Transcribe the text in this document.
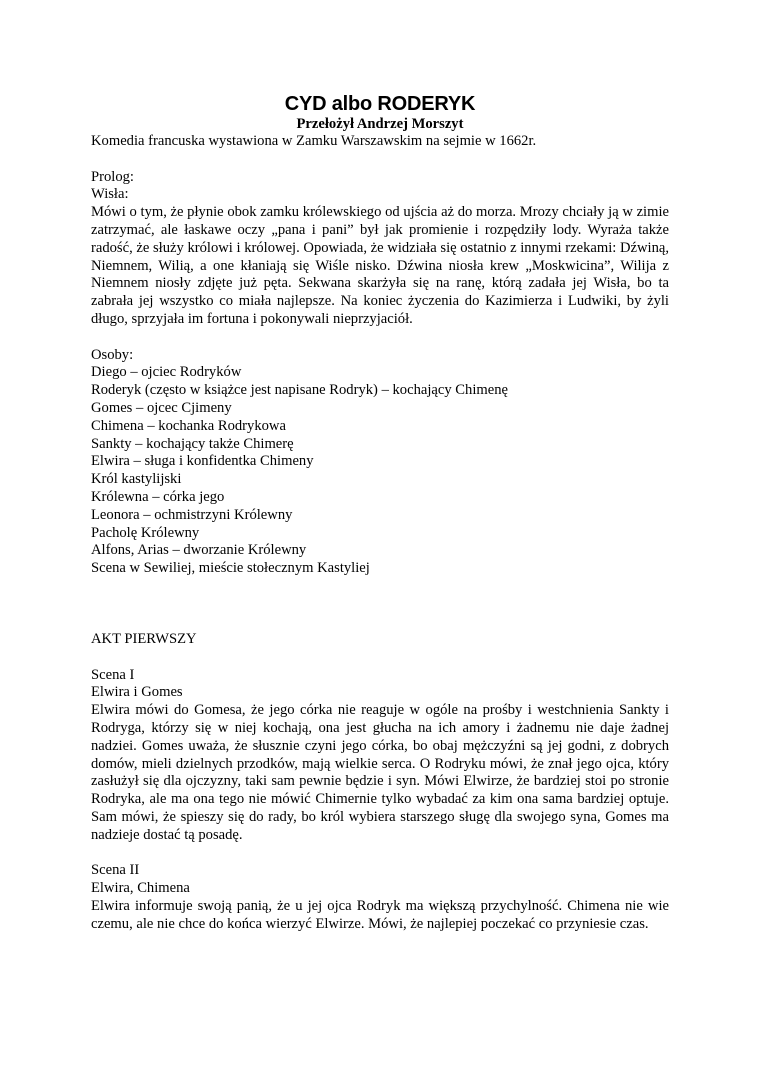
CYD albo RODERYK
Przełożył Andrzej Morszyt
Komedia francuska wystawiona w Zamku Warszawskim na sejmie w 1662r.
Prolog:
Wisła:

Mówi o tym, że płynie obok zamku królewskiego od ujścia aż do morza. Mrozy chciały ją w zimie zatrzymać, ale łaskawe oczy „pana i pani” był jak promienie i rozpędziły lody. Wyraża także radość, że służy królowi i królowej. Opowiada, że widziała się ostatnio z innymi rzekami: Dźwiną, Niemnem, Wilią, a one kłaniają się Wiśle nisko. Dźwina niosła krew „Moskwicina”, Wilija z Niemnem niosły zdjęte już pęta. Sekwana skarżyła się na ranę, którą zadała jej Wisła, bo ta zabrała jej wszystko co miała najlepsze. Na koniec życzenia do Kazimierza i Ludwiki, by żyli długo, sprzyjała im fortuna i pokonywali nieprzyjaciół.

Osoby:
Diego – ojciec Rodryków
Roderyk (często w książce jest napisane Rodryk) – kochający Chimenę
Gomes – ojcec Cjimeny
Chimena – kochanka Rodrykowa
Sankty – kochający także Chimerę
Elwira – sługa i konfidentka Chimeny
Król kastylijski
Królewna – córka jego
Leonora – ochmistrzyni Królewny
Pacholę Królewny
Alfons, Arias – dworzanie Królewny
Scena w Sewiliej, mieście stołecznym Kastyliej
AKT PIERWSZY
Scena I
Elwira i Gomes

Elwira mówi do Gomesa, że jego córka nie reaguje w ogóle na prośby i westchnienia Sankty i Rodryga, którzy się w niej kochają, ona jest głucha na ich amory i żadnemu nie daje żadnej nadziei. Gomes uważa, że słusznie czyni jego córka, bo obaj mężczyźni są jej godni, z dobrych domów, mieli dzielnych przodków, mają wielkie serca. O Rodryku mówi, że znał jego ojca, który zasłużył się dla ojczyzny, taki sam pewnie będzie i syn. Mówi Elwirze, że bardziej stoi po stronie Rodryka, ale ma ona tego nie mówić Chimernie tylko wybadać za kim ona sama bardziej optuje. Sam mówi, że spieszy się do rady, bo król wybiera starszego sługę dla swojego syna, Gomes ma nadzieje dostać tą posadę.

Scena II
Elwira, Chimena

Elwira informuje swoją panią, że u jej ojca Rodryk ma większą przychylność. Chimena nie wie czemu, ale nie chce do końca wierzyć Elwirze. Mówi, że najlepiej poczekać co przyniesie czas.
